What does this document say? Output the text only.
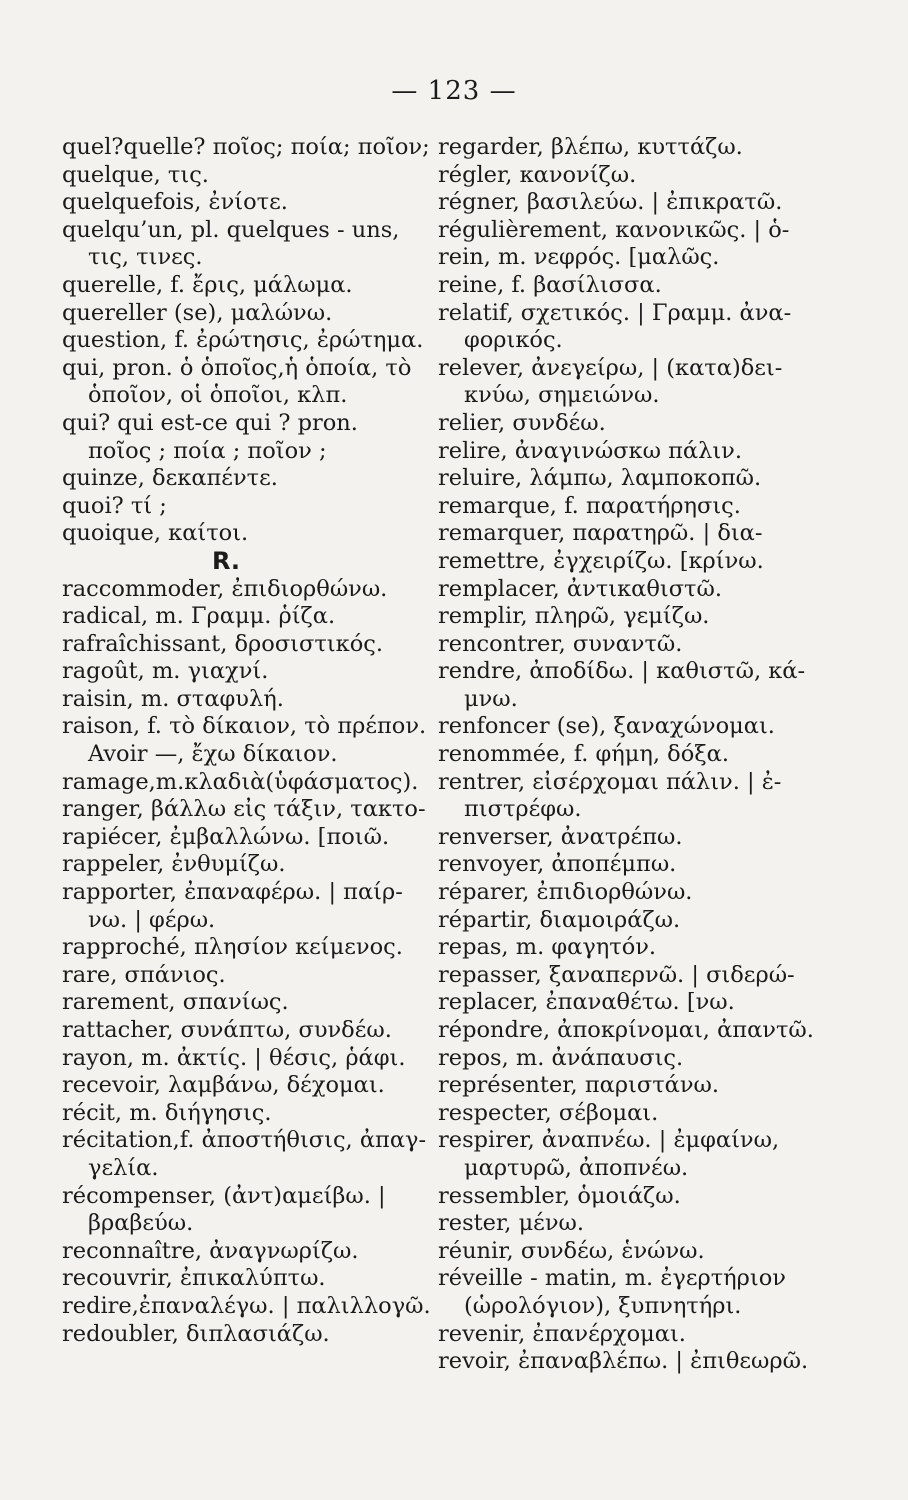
— 123 —
quel?quelle? ποῖος; ποία; ποῖον;
quelque, τις.
quelquefois, ἐνίοτε.
quelqu’un, pl. quelques - uns,
τις, τινες.
querelle, f. ἔρις, μάλωμα.
quereller (se), μαλώνω.
question, f. ἐρώτησις, ἐρώτημα.
qui, pron. ὁ ὁποῖος,ἡ ὁποία, τὸ
ὁποῖον, οἱ ὁποῖοι, κλπ.
qui? qui est-ce qui ? pron.
ποῖος ; ποία ; ποῖον ;
quinze, δεκαπέντε.
quoi? τί ;
quoique, καίτοι.
R.
raccommoder, ἐπιδιορθώνω.
radical, m. Γραμμ. ῥίζα.
rafraîchissant, δροσιστικός.
ragoût, m. γιαχνί.
raisin, m. σταφυλή.
raison, f. τὸ δίκαιον, τὸ πρέπον.
Avoir —, ἔχω δίκαιον.
ramage,m.κλαδιὰ(ὑφάσματος).
ranger, βάλλω εἰς τάξιν, τακτο-
rapiécer, ἐμβαλλώνω. [ποιῶ.
rappeler, ἐνθυμίζω.
rapporter, ἐπαναφέρω. | παίρ-
νω. | φέρω.
rapproché, πλησίον κείμενος.
rare, σπάνιος.
rarement, σπανίως.
rattacher, συνάπτω, συνδέω.
rayon, m. ἀκτίς. | θέσις, ῥάφι.
recevoir, λαμβάνω, δέχομαι.
récit, m. διήγησις.
récitation,f. ἀποστήθισις, ἀπαγ-
γελία.
récompenser, (ἀντ)αμείβω. |
βραβεύω.
reconnaître, ἀναγνωρίζω.
recouvrir, ἐπικαλύπτω.
redire,ἐπαναλέγω. | παλιλλογῶ.
redoubler, διπλασιάζω.
regarder, βλέπω, κυττάζω.
régler, κανονίζω.
régner, βασιλεύω. | ἐπικρατῶ.
régulièrement, κανονικῶς. | ὁ-
rein, m. νεφρός. [μαλῶς.
reine, f. βασίλισσα.
relatif, σχετικός. | Γραμμ. ἀνα-
φορικός.
relever, ἀνεγείρω, | (κατα)δει-
κνύω, σημειώνω.
relier, συνδέω.
relire, ἀναγινώσκω πάλιν.
reluire, λάμπω, λαμποκοπῶ.
remarque, f. παρατήρησις.
remarquer, παρατηρῶ. | δια-
remettre, ἐγχειρίζω. [κρίνω.
remplacer, ἀντικαθιστῶ.
remplir, πληρῶ, γεμίζω.
rencontrer, συναντῶ.
rendre, ἀποδίδω. | καθιστῶ, κά-
μνω.
renfoncer (se), ξαναχώνομαι.
renommée, f. φήμη, δόξα.
rentrer, εἰσέρχομαι πάλιν. | ἐ-
πιστρέφω.
renverser, ἀνατρέπω.
renvoyer, ἀποπέμπω.
réparer, ἐπιδιορθώνω.
répartir, διαμοιράζω.
repas, m. φαγητόν.
repasser, ξαναπερνῶ. | σιδερώ-
replacer, ἐπαναθέτω. [νω.
répondre, ἀποκρίνομαι, ἀπαντῶ.
repos, m. ἀνάπαυσις.
représenter, παριστάνω.
respecter, σέβομαι.
respirer, ἀναπνέω. | ἐμφαίνω,
μαρτυρῶ, ἀποπνέω.
ressembler, ὁμοιάζω.
rester, μένω.
réunir, συνδέω, ἑνώνω.
réveille - matin, m. ἐγερτήριον
(ὡρολόγιον), ξυπνητήρι.
revenir, ἐπανέρχομαι.
revoir, ἐπαναβλέπω. | ἐπιθεωρῶ.
